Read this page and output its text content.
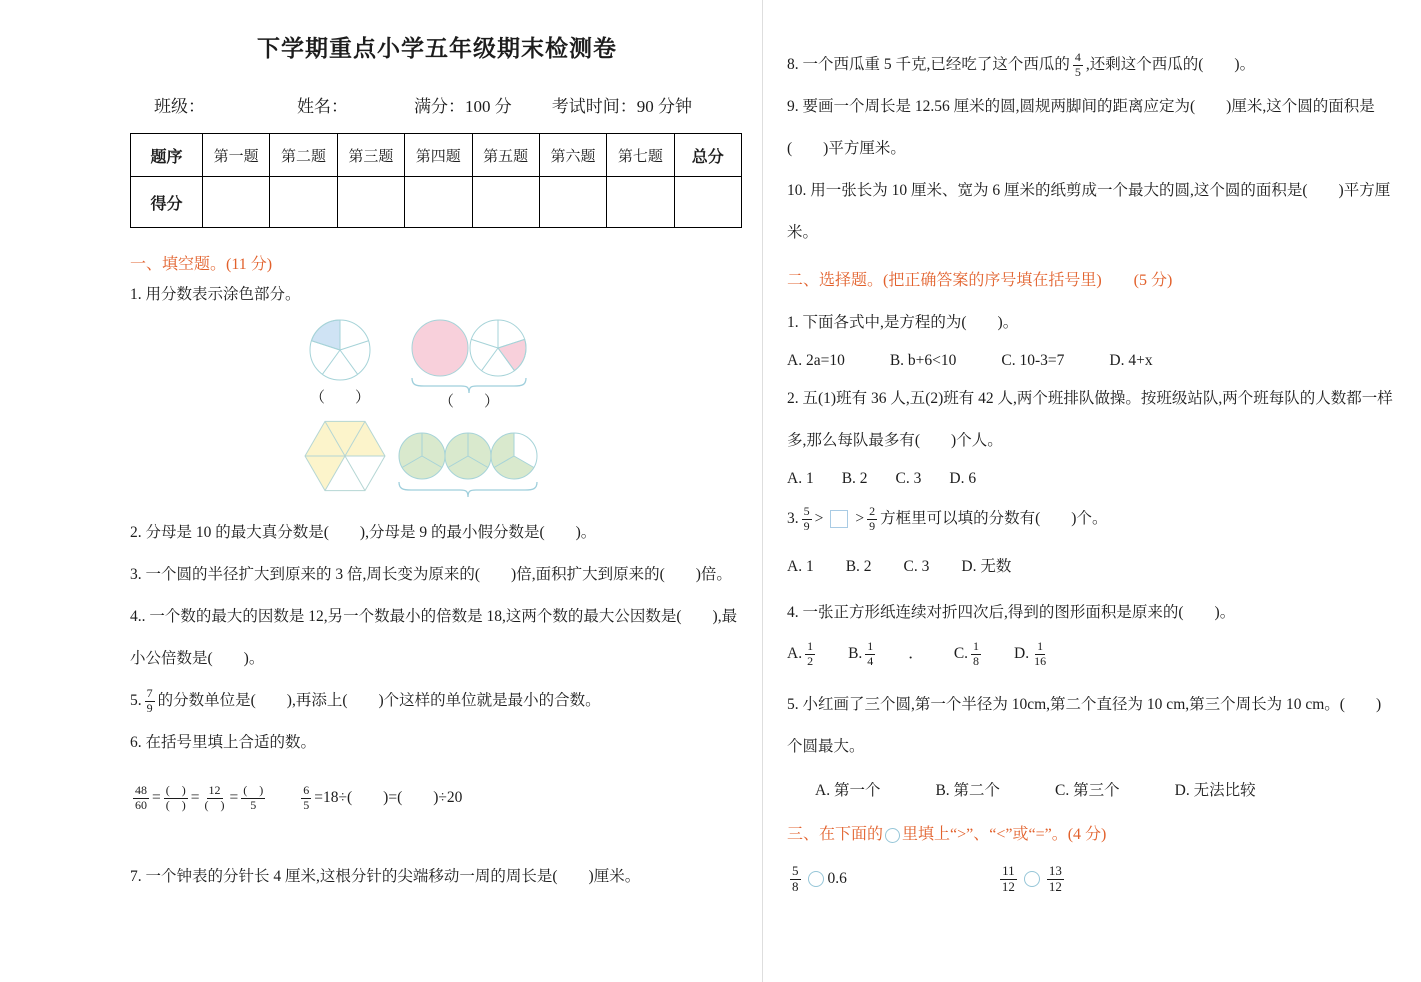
下学期重点小学五年级期末检测卷
班级：	姓名：	满分：100 分 考试时间：90 分钟
题序	第一题	第二题	第三题	第四题	第五题	第六题	第七题	总分
得分								

一、填空题。(11 分)

1. 用分数表示涂色部分。

（　　）	（　　）

2. 分母是 10 的最大真分数是(　　),分母是 9 的最小假分数是(　　)。

3. 一个圆的半径扩大到原来的 3 倍,周长变为原来的(　　)倍,面积扩大到原来的(　　)倍。

4.. 一个数的最大的因数是 12,另一个数最小的倍数是 18,这两个数的最大公因数是(　　),最小公倍数是(　　)。

5. $\frac{7}{9}$ 的分数单位是(　　),再添上(　　)个这样的单位就是最小的合数。

6. 在括号里填上合适的数。

$\frac{48}{60} = \frac{( )}{( )} = \frac{12}{( )} = \frac{( )}{5}$	$\frac{6}{5} =18\div$(　　)=(　　)÷20

7. 一个钟表的分针长 4 厘米,这根分针的尖端移动一周的周长是(　　)厘米。

8. 一个西瓜重 5 千克,已经吃了这个西瓜的 $\frac{4}{5}$ ,还剩这个西瓜的(　　)。

9. 要画一个周长是 12.56 厘米的圆,圆规两脚间的距离应定为(　　)厘米,这个圆的面积是(　　)平方厘米。

10. 用一张长为 10 厘米、宽为 6 厘米的纸剪成一个最大的圆,这个圆的面积是(　　)平方厘米。

二、选择题。(把正确答案的序号填在括号里)　　(5 分)

1. 下面各式中,是方程的为(　　)。

A. 2a=10	B. b+6<10	C. 10-3=7	D. 4+x

2. 五(1)班有 36 人,五(2)班有 42 人,两个班排队做操。按班级站队,两个班每队的人数都一样多,那么每队最多有(　　)个人。

A. 1 B. 2 C. 3 D. 6

3. $\frac{5}{9}$ > > $\frac{2}{9}$ 方框里可以填的分数有(　　)个。

A. 1 B. 2 C. 3 D. 无数

4. 一张正方形纸连续对折四次后,得到的图形面积是原来的(　　)。

A. $\frac{1}{2} B$. $\frac{1}{4}$ ． C. $\frac{1}{8} D$. $\frac{1}{16}$

5. 小红画了三个圆,第一个半径为 10cm,第二个直径为 10 cm,第三个周长为 10 cm。(　　)个圆最大。

A. 第一个	B. 第二个	C. 第三个	D. 无法比较

三、在下面的 里填上“>”、“<”或“=”。(4 分)

$\frac{5}{8} 0.6$	$\frac{11}{12} \frac{13}{12}$
